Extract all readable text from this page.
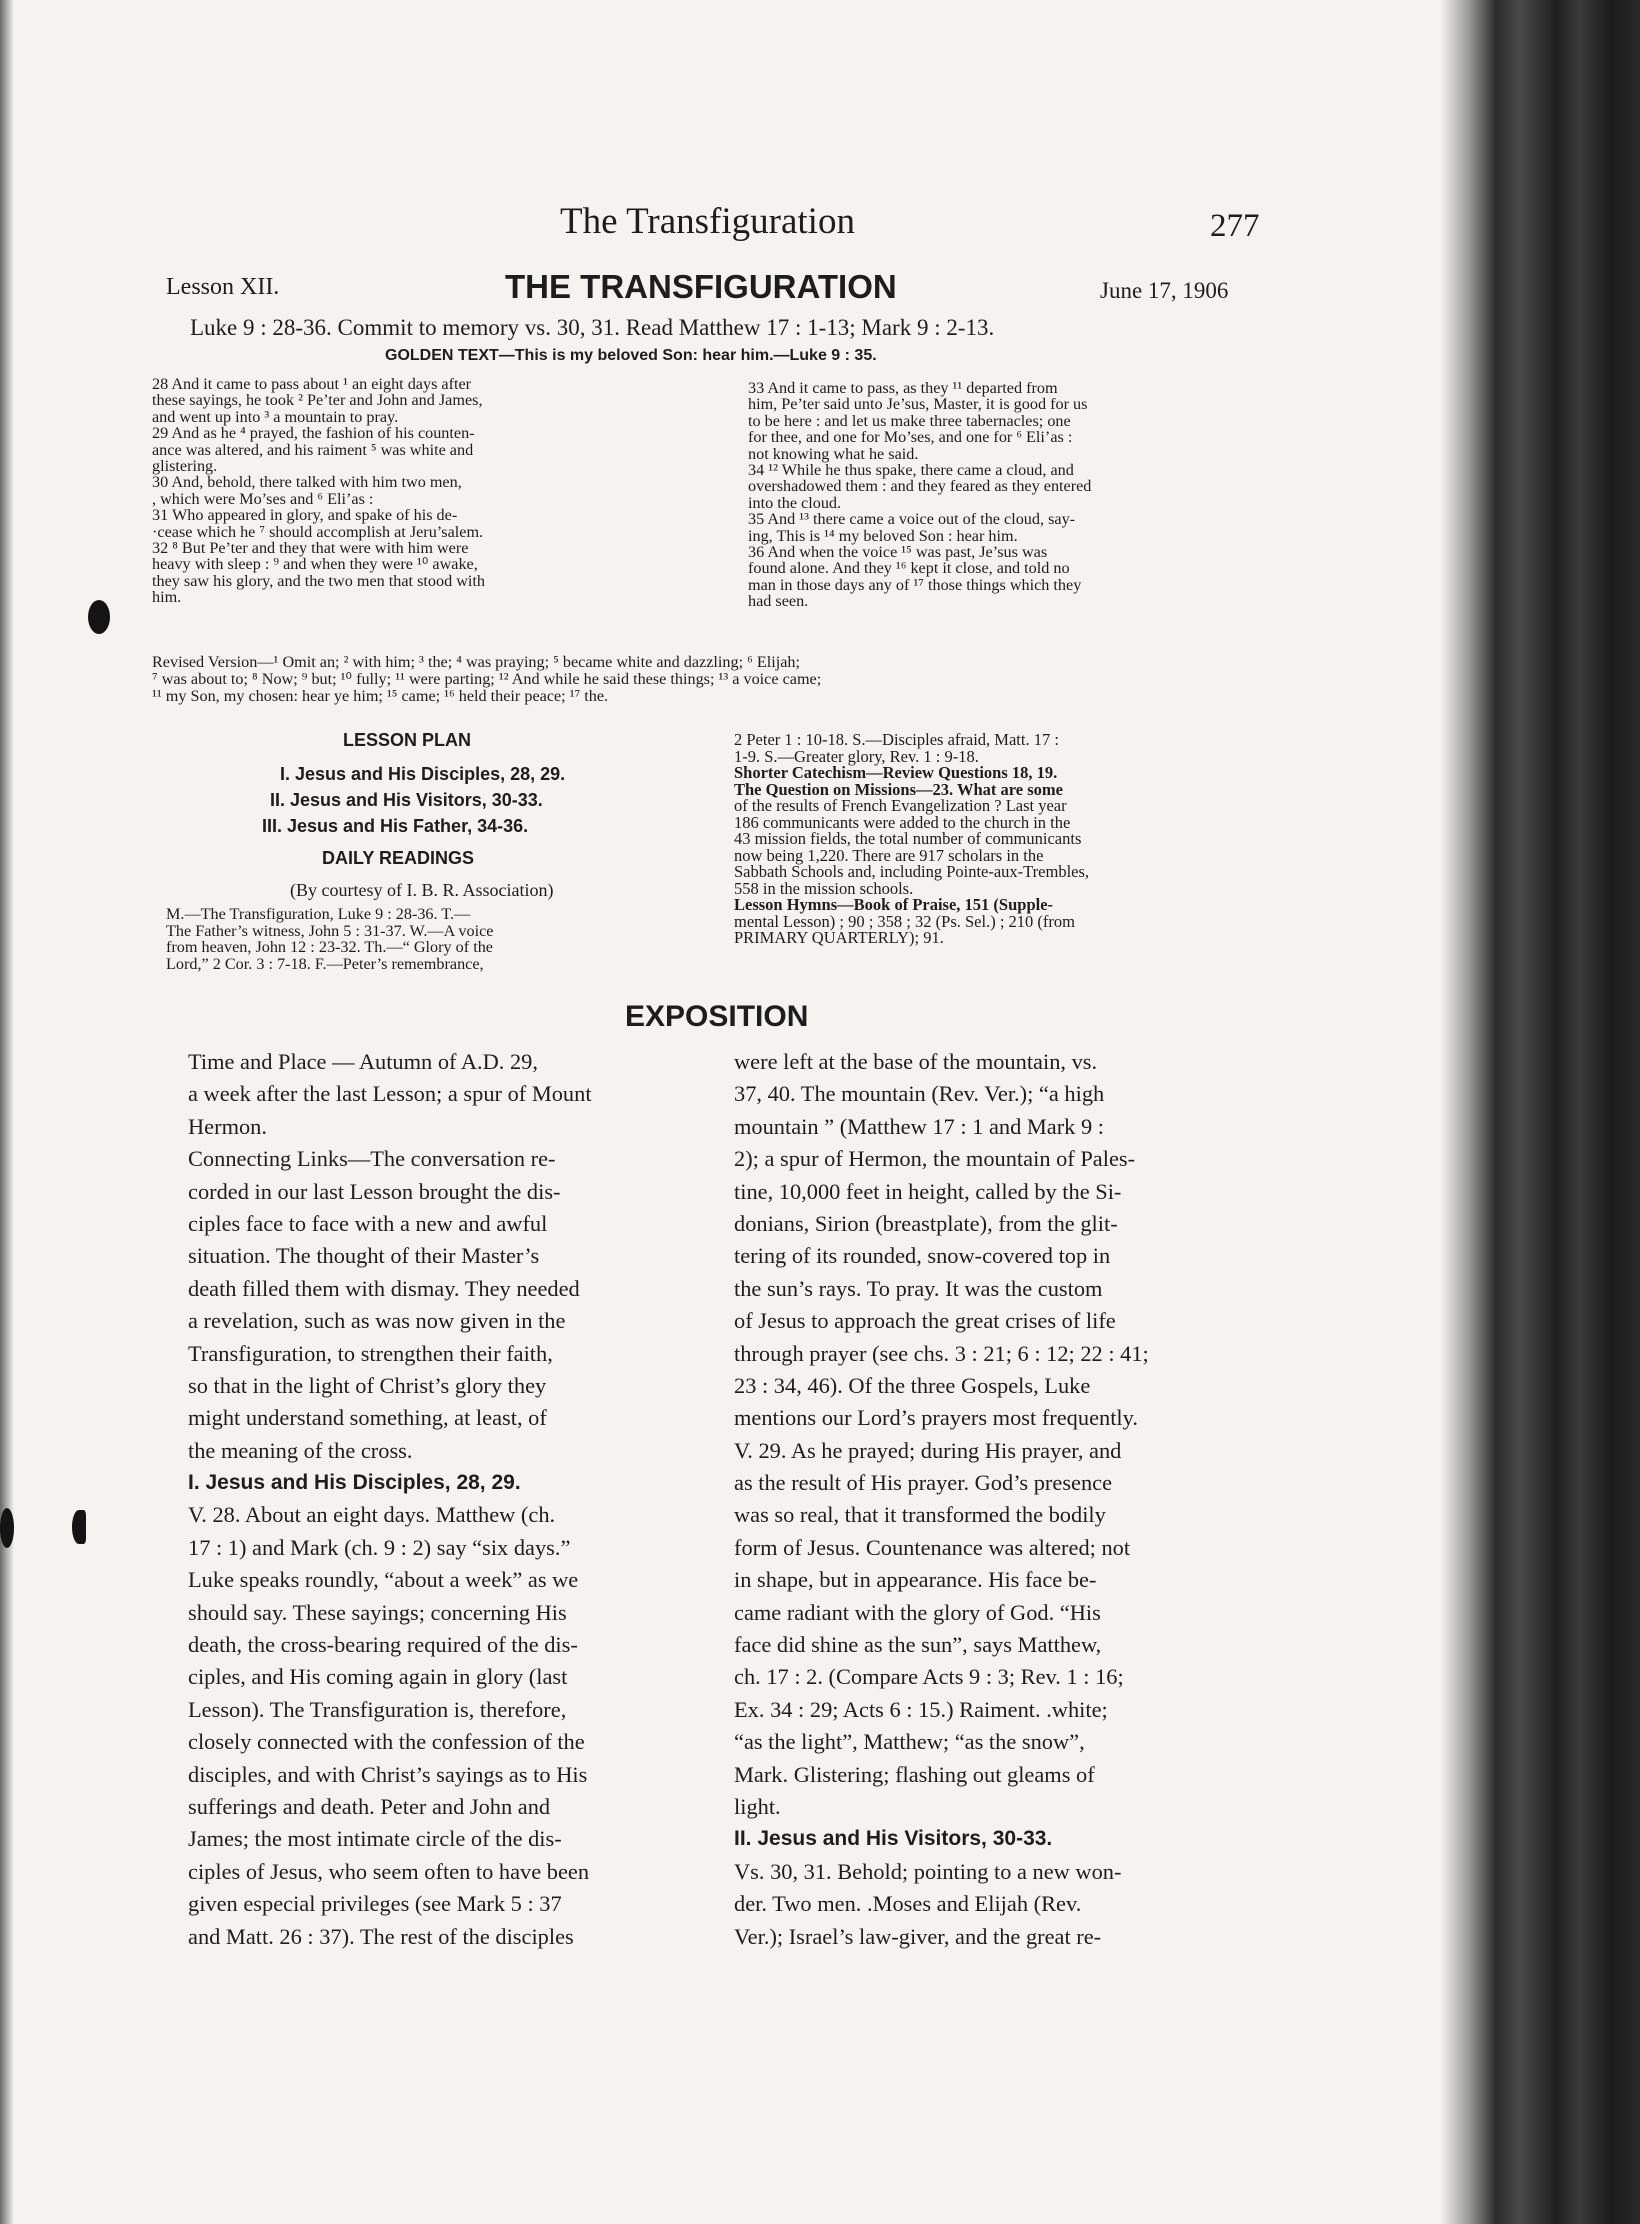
The Transfiguration	277
Lesson XII.	THE TRANSFIGURATION	June 17, 1906
Luke 9 : 28-36. Commit to memory vs. 30, 31. Read Matthew 17 : 1-13; Mark 9 : 2-13.
GOLDEN TEXT—This is my beloved Son: hear him.—Luke 9 : 35.
28 And it came to pass about ¹ an eight days after
these sayings, he took ² Pe’ter and John and James,
and went up into ³ a mountain to pray.
29 And as he ⁴ prayed, the fashion of his counten-
ance was altered, and his raiment ⁵ was white and
glistering.
30 And, behold, there talked with him two men,
, which were Mo’ses and ⁶ Eli’as :
31 Who appeared in glory, and spake of his de-
·cease which he ⁷ should accomplish at Jeru’salem.
32 ⁸ But Pe’ter and they that were with him were
heavy with sleep : ⁹ and when they were ¹⁰ awake,
they saw his glory, and the two men that stood with
him.
33 And it came to pass, as they ¹¹ departed from
him, Pe’ter said unto Je’sus, Master, it is good for us
to be here : and let us make three tabernacles; one
for thee, and one for Mo’ses, and one for ⁶ Eli’as :
not knowing what he said.
34 ¹² While he thus spake, there came a cloud, and
overshadowed them : and they feared as they entered
into the cloud.
35 And ¹³ there came a voice out of the cloud, say-
ing, This is ¹⁴ my beloved Son : hear him.
36 And when the voice ¹⁵ was past, Je’sus was
found alone. And they ¹⁶ kept it close, and told no
man in those days any of ¹⁷ those things which they
had seen.
Revised Version—¹ Omit an; ² with him; ³ the; ⁴ was praying; ⁵ became white and dazzling; ⁶ Elijah;
⁷ was about to; ⁸ Now; ⁹ but; ¹⁰ fully; ¹¹ were parting; ¹² And while he said these things; ¹³ a voice came;
¹¹ my Son, my chosen: hear ye him; ¹⁵ came; ¹⁶ held their peace; ¹⁷ the.
LESSON PLAN
I. Jesus and His Disciples, 28, 29.
II. Jesus and His Visitors, 30-33.
III. Jesus and His Father, 34-36.
DAILY READINGS
(By courtesy of I. B. R. Association)
M.—The Transfiguration, Luke 9 : 28-36. T.—
The Father’s witness, John 5 : 31-37. W.—A voice
from heaven, John 12 : 23-32. Th.—“ Glory of the
Lord,” 2 Cor. 3 : 7-18. F.—Peter’s remembrance,
2 Peter 1 : 10-18. S.—Disciples afraid, Matt. 17 :
1-9. S.—Greater glory, Rev. 1 : 9-18.
Shorter Catechism—Review Questions 18, 19.
The Question on Missions—23. What are some
of the results of French Evangelization ? Last year
186 communicants were added to the church in the
43 mission fields, the total number of communicants
now being 1,220. There are 917 scholars in the
Sabbath Schools and, including Pointe-aux-Trembles,
558 in the mission schools.
Lesson Hymns—Book of Praise, 151 (Supple-
mental Lesson) ; 90 ; 358 ; 32 (Ps. Sel.) ; 210 (from
PRIMARY QUARTERLY); 91.
EXPOSITION
Time and Place — Autumn of A.D. 29,
a week after the last Lesson; a spur of Mount
Hermon.
Connecting Links—The conversation re-
corded in our last Lesson brought the dis-
ciples face to face with a new and awful
situation. The thought of their Master’s
death filled them with dismay. They needed
a revelation, such as was now given in the
Transfiguration, to strengthen their faith,
so that in the light of Christ’s glory they
might understand something, at least, of
the meaning of the cross.
I. Jesus and His Disciples, 28, 29.
V. 28. About an eight days. Matthew (ch.
17 : 1) and Mark (ch. 9 : 2) say “six days.”
Luke speaks roundly, “about a week” as we
should say. These sayings; concerning His
death, the cross-bearing required of the dis-
ciples, and His coming again in glory (last
Lesson). The Transfiguration is, therefore,
closely connected with the confession of the
disciples, and with Christ’s sayings as to His
sufferings and death. Peter and John and
James; the most intimate circle of the dis-
ciples of Jesus, who seem often to have been
given especial privileges (see Mark 5 : 37
and Matt. 26 : 37). The rest of the disciples
were left at the base of the mountain, vs.
37, 40. The mountain (Rev. Ver.); “a high
mountain ” (Matthew 17 : 1 and Mark 9 :
2); a spur of Hermon, the mountain of Pales-
tine, 10,000 feet in height, called by the Si-
donians, Sirion (breastplate), from the glit-
tering of its rounded, snow-covered top in
the sun’s rays. To pray. It was the custom
of Jesus to approach the great crises of life
through prayer (see chs. 3 : 21; 6 : 12; 22 : 41;
23 : 34, 46). Of the three Gospels, Luke
mentions our Lord’s prayers most frequently.
V. 29. As he prayed; during His prayer, and
as the result of His prayer. God’s presence
was so real, that it transformed the bodily
form of Jesus. Countenance was altered; not
in shape, but in appearance. His face be-
came radiant with the glory of God. “His
face did shine as the sun”, says Matthew,
ch. 17 : 2. (Compare Acts 9 : 3; Rev. 1 : 16;
Ex. 34 : 29; Acts 6 : 15.) Raiment. .white;
“as the light”, Matthew; “as the snow”,
Mark. Glistering; flashing out gleams of
light.
II. Jesus and His Visitors, 30-33.
Vs. 30, 31. Behold; pointing to a new won-
der. Two men. .Moses and Elijah (Rev.
Ver.); Israel’s law-giver, and the great re-
